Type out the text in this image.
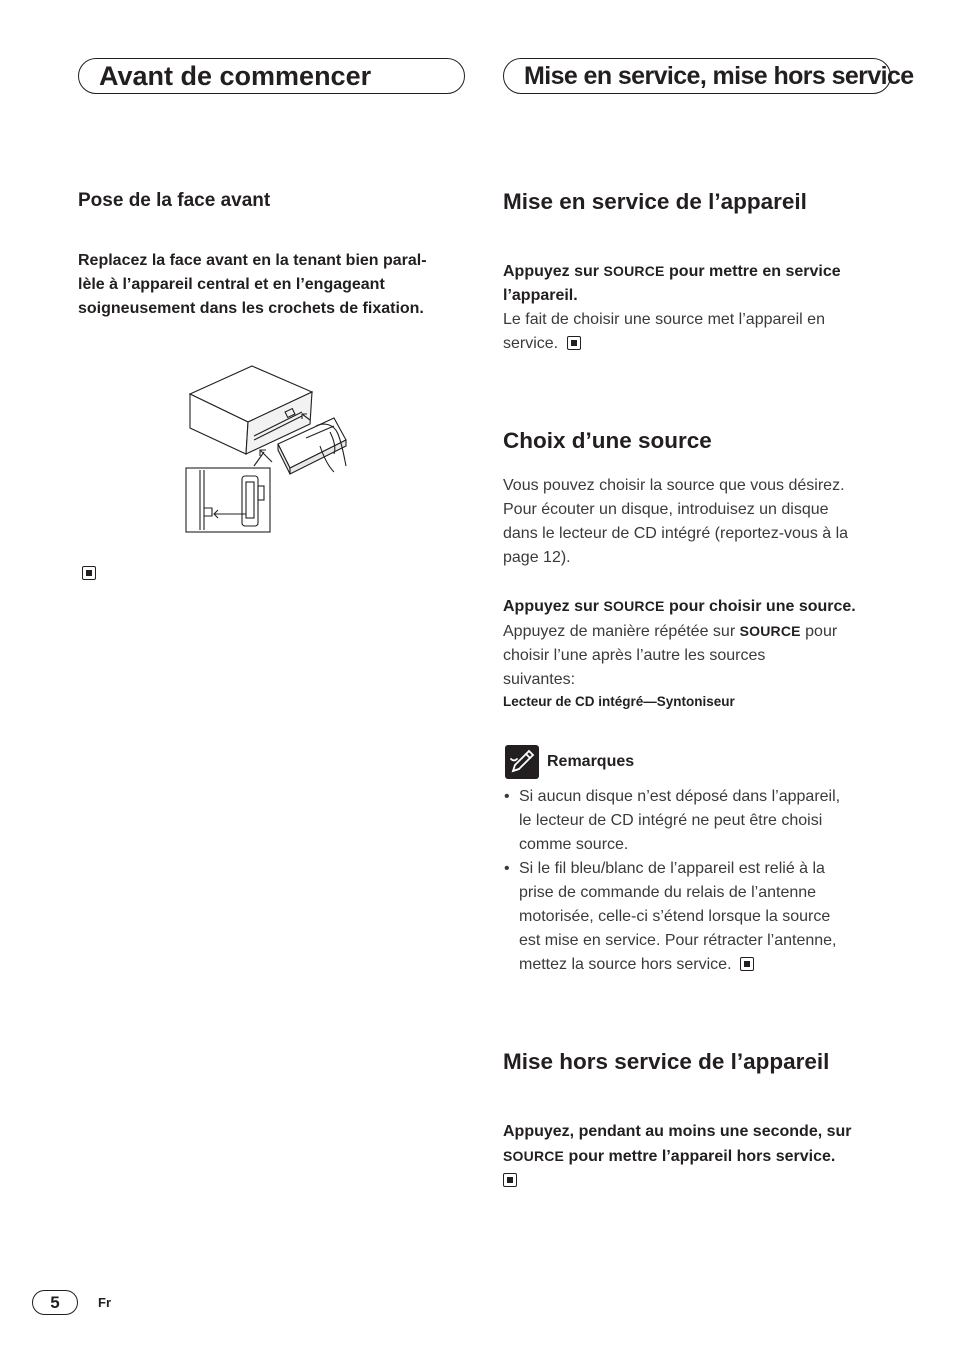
Avant de commencer	Mise en service, mise hors service
Pose de la face avant
Replacez la face avant en la tenant bien paral-
lèle à l’appareil central et en l’engageant
soigneusement dans les crochets de fixation.
Mise en service de l’appareil
Appuyez sur SOURCE pour mettre en service
l’appareil.
Le fait de choisir une source met l’appareil en
service.
Choix d’une source
Vous pouvez choisir la source que vous désirez.
Pour écouter un disque, introduisez un disque
dans le lecteur de CD intégré (reportez-vous à la
page 12).
Appuyez sur SOURCE pour choisir une source.
Appuyez de manière répétée sur SOURCE pour
choisir l’une après l’autre les sources
suivantes:
Lecteur de CD intégré—Syntoniseur
Remarques
• Si aucun disque n’est déposé dans l’appareil,
le lecteur de CD intégré ne peut être choisi
comme source.
• Si le fil bleu/blanc de l’appareil est relié à la
prise de commande du relais de l’antenne
motorisée, celle-ci s’étend lorsque la source
est mise en service. Pour rétracter l’antenne,
mettez la source hors service.
Mise hors service de l’appareil
Appuyez, pendant au moins une seconde, sur
SOURCE pour mettre l’appareil hors service.
5	Fr
